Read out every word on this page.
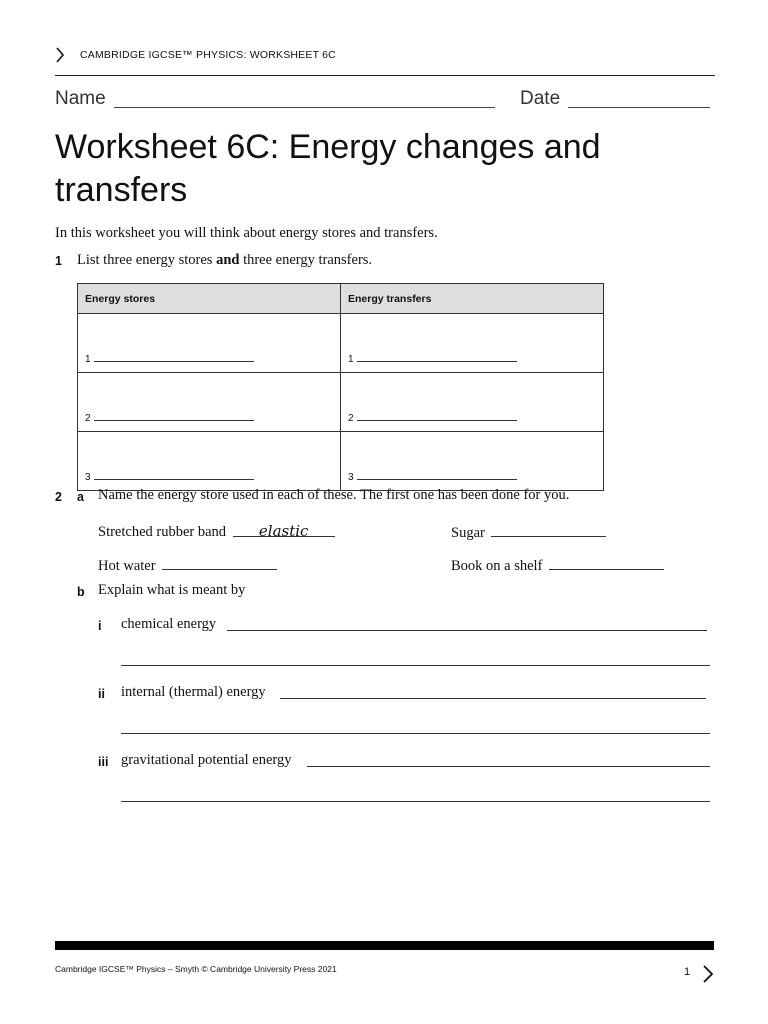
CAMBRIDGE IGCSE™ PHYSICS: WORKSHEET 6C
Name	Date
Worksheet 6C: Energy changes and transfers
In this worksheet you will think about energy stores and transfers.
1 List three energy stores and three energy transfers.
Energy stores	Energy transfers
1	1
2	2
3	3
2 a Name the energy store used in each of these. The first one has been done for you.
Stretched rubber band elastic	Sugar
Hot water	Book on a shelf
b Explain what is meant by
i chemical energy
ii internal (thermal) energy
iii gravitational potential energy
Cambridge IGCSE™ Physics – Smyth © Cambridge University Press 2021	1
